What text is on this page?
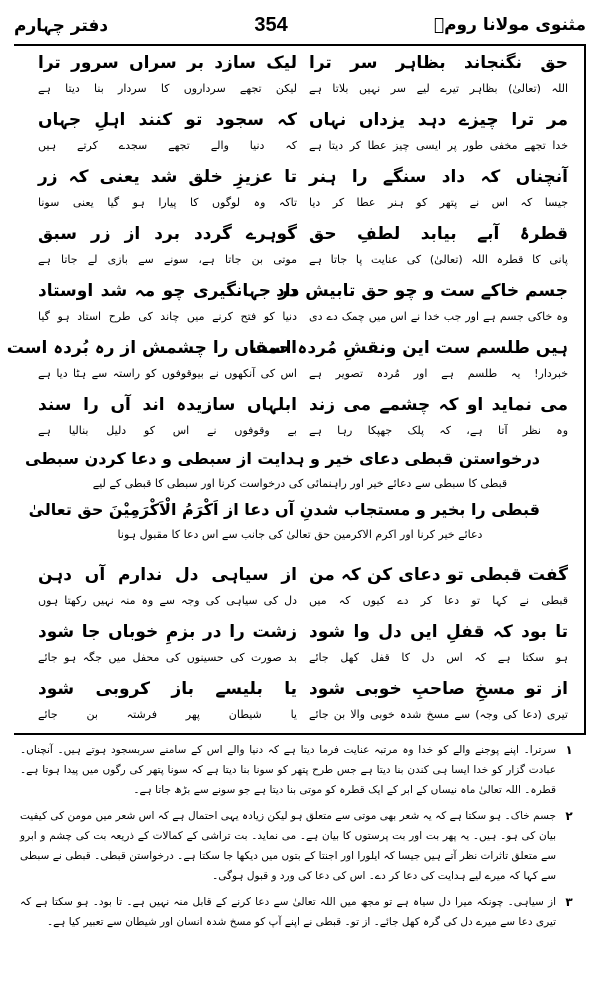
مثنوی مولانا رومؒ
354
دفتر چہارم
حق نگنجاند بظاہر سر ترا
اللہ (تعالیٰ) بظاہر تیرے لیے سر نہیں بلاتا ہے
لیک سازد بر سراں سرور ترا
لیکن تجھے سرداروں کا سردار بنا دیتا ہے
مر ترا چیزے دہد یزداں نہاں
خدا تجھے مخفی طور پر ایسی چیز عطا کر دیتا ہے
کہ سجود تو کنند اہلِ جہاں
کہ دنیا والے تجھے سجدے کرتے ہیں
آنچناں کہ داد سنگے را ہنر
جیسا کہ اس نے پتھر کو ہنر عطا کر دیا
تا عزیزِ خلق شد یعنی کہ زر
تاکہ وہ لوگوں کا پیارا ہو گیا یعنی سونا
قطرۂ آبے بیابد لطفِ حق
پانی کا قطرہ اللہ (تعالیٰ) کی عنایت پا جاتا ہے
گوہرے گردد برد از زر سبق
موتی بن جاتا ہے، سونے سے بازی لے جاتا ہے
جسم خاکے ست و چو حق تابیش داد
وہ خاکی جسم ہے اور جب خدا نے اس میں چمک دے دی
در جہانگیری چو مہ شد اوستاد
دنیا کو فتح کرنے میں چاند کی طرح استاد ہو گیا
ہیں طلسم ست این ونقشِ مُردہ است
خبردار! یہ طلسم ہے اور مُردہ تصویر ہے
احمقاں را چشمش از رہ بُردہ است
اس کی آنکھوں نے بیوقوفوں کو راستہ سے ہٹا دیا ہے
می نماید او کہ چشمے می زند
وہ نظر آتا ہے، کہ پلک جھپکا رہا ہے
ابلہاں سازیدہ اند آں را سند
بے وقوفوں نے اس کو دلیل بنالیا ہے
درخواستن قبطی دعای خیر و ہدایت از سبطی و دعا کردن سبطی
قبطی کا سبطی سے دعائے خیر اور راہنمائی کی درخواست کرنا اور سبطی کا قبطی کے لیے
قبطی را بخیر و مستجاب شدنِ آں دعا از اَکْرَمُ الْاَکْرَمِیْنَ حق تعالیٰ
دعائے خیر کرنا اور اکرم الاکرمین حق تعالیٰ کی جانب سے اس دعا کا مقبول ہونا
گفت قبطی تو دعای کن کہ من
قبطی نے کہا تو دعا کر دے کیوں کہ میں
از سیاہی دل ندارم آں دہن
دل کی سیاہی کی وجہ سے وہ منہ نہیں رکھتا ہوں
تا بود کہ قفلِ ایں دل وا شود
ہو سکتا ہے کہ اس دل کا قفل کھل جائے
زشت را در بزمِ خوباں جا شود
بد صورت کی حسینوں کی محفل میں جگہ ہو جائے
از تو مسخِ صاحبِ خوبی شود
تیری (دعا کی وجہ) سے مسخ شدہ خوبی والا بن جائے
یا بلیسے باز کروبی شود
یا شیطان پھر فرشتہ بن جائے
۱
سرترا۔ اپنے پوجنے والے کو خدا وہ مرتبہ عنایت فرما دیتا ہے کہ دنیا والے اس کے سامنے سربسجود ہوتے ہیں۔ آنچناں۔ عبادت گزار کو خدا ایسا ہی کندن بنا دیتا ہے جس طرح پتھر کو سونا بنا دیتا ہے کہ سونا پتھر کی رگوں میں پیدا ہوتا ہے۔ قطرہ۔ اللہ تعالیٰ ماہ نیساں کے ابر کے ایک قطرہ کو موتی بنا دیتا ہے جو سونے سے بڑھ جاتا ہے۔
۲
جسم خاک۔ ہو سکتا ہے کہ یہ شعر بھی موتی سے متعلق ہو لیکن زیادہ یہی احتمال ہے کہ اس شعر میں مومن کی کیفیت بیان کی ہو۔ ہیں۔ یہ پھر بت اور بت پرستوں کا بیان ہے۔ می نماید۔ بت تراشی کے کمالات کے ذریعہ بت کی چشم و ابرو سے متعلق تاثرات نظر آتے ہیں جیسا کہ ایلورا اور اجنتا کے بتوں میں دیکھا جا سکتا ہے۔ درخواستن قبطی۔ قبطی نے سبطی سے کہا کہ میرے لیے ہدایت کی دعا کر دے۔ اس کی دعا کی ورد و قبول ہوگی۔
۳
از سیاہی۔ چونکہ میرا دل سیاہ ہے تو مجھ میں اللہ تعالیٰ سے دعا کرنے کے قابل منہ نہیں ہے۔ تا بود۔ ہو سکتا ہے کہ تیری دعا سے میرے دل کی گرہ کھل جائے۔ از تو۔ قبطی نے اپنے آپ کو مسخ شدہ انسان اور شیطان سے تعبیر کیا ہے۔
